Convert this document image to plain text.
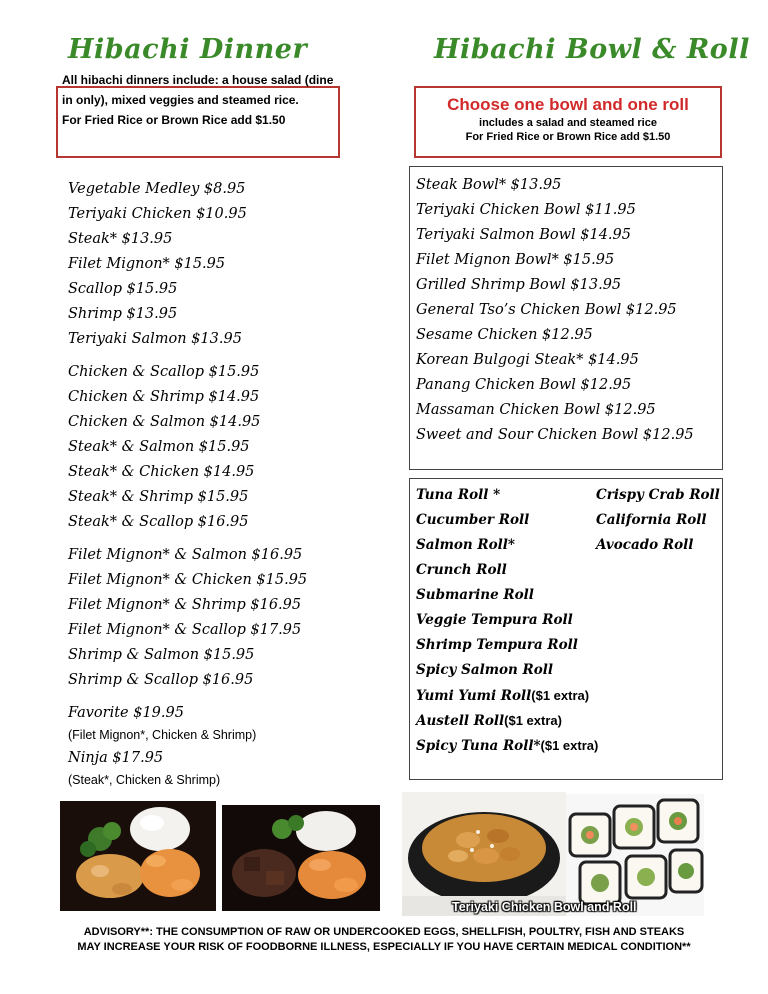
Hibachi Dinner	Hibachi Bowl & Roll
All hibachi dinners include: a house salad (dine
in only), mixed veggies and steamed rice.
For Fried Rice or Brown Rice add $1.50
Choose one bowl and one roll
includes a salad and steamed rice
For Fried Rice or Brown Rice add $1.50
Vegetable Medley $8.95
Teriyaki Chicken $10.95
Steak* $13.95
Filet Mignon* $15.95
Scallop $15.95
Shrimp $13.95
Teriyaki Salmon $13.95
Chicken & Scallop $15.95
Chicken & Shrimp $14.95
Chicken & Salmon $14.95
Steak* & Salmon $15.95
Steak* & Chicken $14.95
Steak* & Shrimp $15.95
Steak* & Scallop $16.95
Filet Mignon* & Salmon $16.95
Filet Mignon* & Chicken $15.95
Filet Mignon* & Shrimp $16.95
Filet Mignon* & Scallop $17.95
Shrimp & Salmon $15.95
Shrimp & Scallop $16.95
Favorite $19.95
(Filet Mignon*, Chicken & Shrimp)
Ninja $17.95
(Steak*, Chicken & Shrimp)
Steak Bowl* $13.95
Teriyaki Chicken Bowl $11.95
Teriyaki Salmon Bowl $14.95
Filet Mignon Bowl* $15.95
Grilled Shrimp Bowl $13.95
General Tso’s Chicken Bowl $12.95
Sesame Chicken $12.95
Korean Bulgogi Steak* $14.95
Panang Chicken Bowl $12.95
Massaman Chicken Bowl $12.95
Sweet and Sour Chicken Bowl $12.95
Tuna Roll *
Cucumber Roll
Salmon Roll*
Crunch Roll
Submarine Roll
Veggie Tempura Roll
Shrimp Tempura Roll
Spicy Salmon Roll
Yumi Yumi Roll($1 extra)
Austell Roll($1 extra)
Spicy Tuna Roll*($1 extra)
Crispy Crab Roll
California Roll
Avocado Roll
Teriyaki Chicken Bowl and Roll
ADVISORY**: THE CONSUMPTION OF RAW OR UNDERCOOKED EGGS, SHELLFISH, POULTRY, FISH AND STEAKS
MAY INCREASE YOUR RISK OF FOODBORNE ILLNESS, ESPECIALLY IF YOU HAVE CERTAIN MEDICAL CONDITION**
